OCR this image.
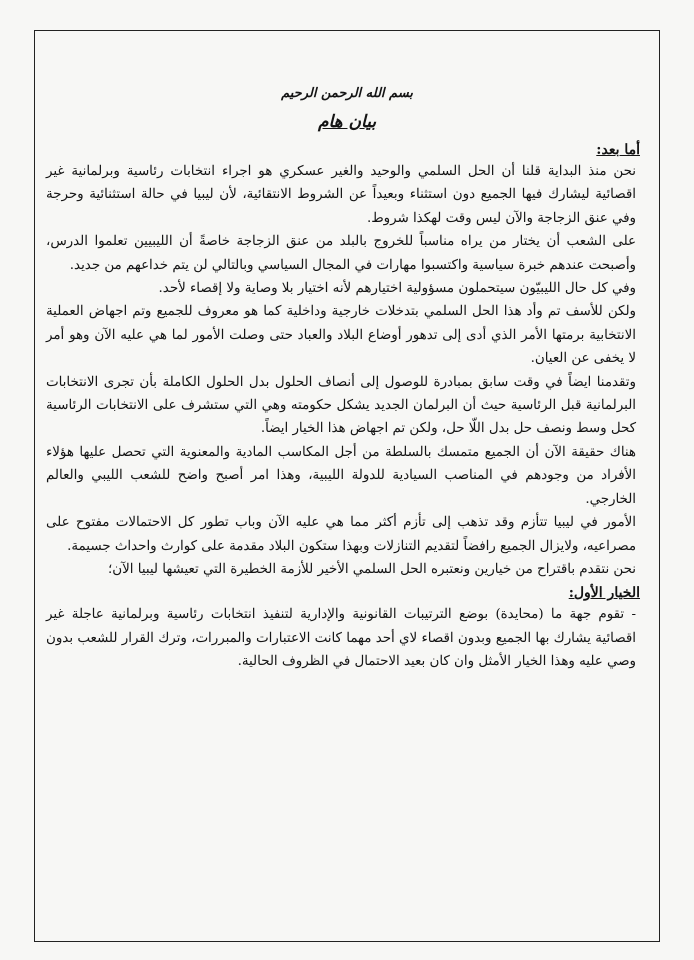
بسم الله الرحمن الرحيم
بيان هام
أما بعد:

نحن منذ البداية قلنا أن الحل السلمي والوحيد والغير عسكري هو اجراء انتخابات رئاسية وبرلمانية غير اقصائية ليشارك فيها الجميع دون استثناء وبعيداً عن الشروط الانتقائية، لأن ليبيا في حالة استثنائية وحرجة وفي عنق الزجاجة والآن ليس وقت لهكذا شروط.

على الشعب أن يختار من يراه مناسباً للخروج بالبلد من عنق الزجاجة خاصةً أن الليبيين تعلموا الدرس، وأصبحت عندهم خبرة سياسية واكتسبوا مهارات في المجال السياسي وبالتالي لن يتم خداعهم من جديد.

وفي كل حال الليبيّون سيتحملون مسؤولية اختيارهم لأنه اختيار بلا وصاية ولا إقصاء لأحد.

ولكن للأسف تم وأد هذا الحل السلمي بتدخلات خارجية وداخلية كما هو معروف للجميع وتم اجهاض العملية الانتخابية برمتها الأمر الذي أدى إلى تدهور أوضاع البلاد والعباد حتى وصلت الأمور لما هي عليه الآن وهو أمر لا يخفى عن العيان.

وتقدمنا ايضاً في وقت سابق بمبادرة للوصول إلى أنصاف الحلول بدل الحلول الكاملة بأن تجرى الانتخابات البرلمانية قبل الرئاسية حيث أن البرلمان الجديد يشكل حكومته وهي التي ستشرف على الانتخابات الرئاسية كحل وسط ونصف حل بدل اللّا حل، ولكن تم اجهاض هذا الخيار ايضاً.

هناك حقيقة الآن أن الجميع متمسك بالسلطة من أجل المكاسب المادية والمعنوية التي تحصل عليها هؤلاء الأفراد من وجودهم في المناصب السيادية للدولة الليبية، وهذا امر أصبح واضح للشعب الليبي والعالم الخارجي.

الأمور في ليبيا تتأزم وقد تذهب إلى تأزم أكثر مما هي عليه الآن وباب تطور كل الاحتمالات مفتوح على مصراعيه، ولايزال الجميع رافضاً لتقديم التنازلات وبهذا ستكون البلاد مقدمة على كوارث واحداث جسيمة.

نحن نتقدم باقتراح من خيارين ونعتبره الحل السلمي الأخير للأزمة الخطيرة التي تعيشها ليبيا الآن؛

الخيار الأول:

- تقوم جهة ما (محايدة) بوضع الترتيبات القانونية والإدارية لتنفيذ انتخابات رئاسية وبرلمانية عاجلة غير اقصائية يشارك بها الجميع وبدون اقصاء لاي أحد مهما كانت الاعتبارات والمبررات، وترك القرار للشعب بدون وصي عليه وهذا الخيار الأمثل وان كان بعيد الاحتمال في الظروف الحالية.
